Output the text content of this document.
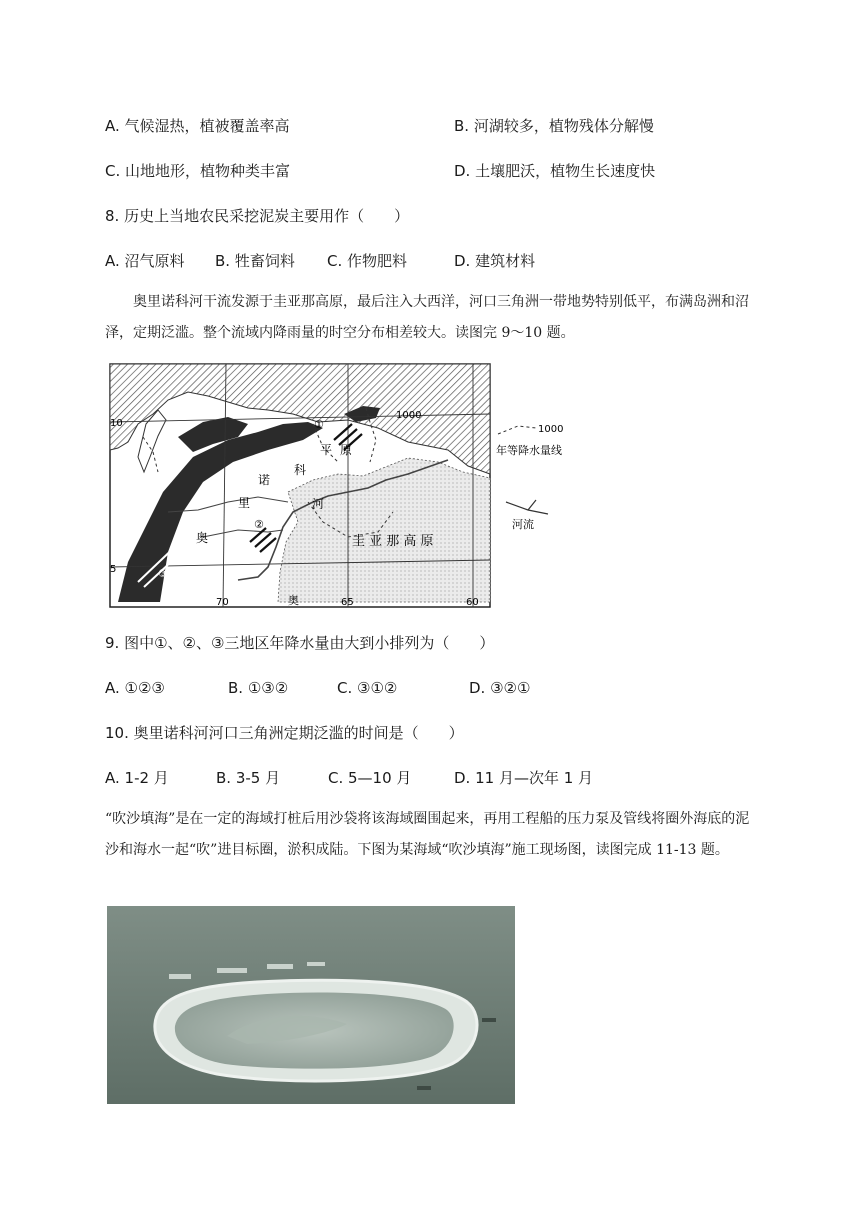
A. 气候湿热，植被覆盖率高	B. 河湖较多，植物残体分解慢
C. 山地地形，植物种类丰富	D. 土壤肥沃，植物生长速度快
8. 历史上当地农民采挖泥炭主要用作（　　）
A. 沼气原料 B. 牲畜饲料 C. 作物肥料	D. 建筑材料
奥里诺科河干流发源于圭亚那高原，最后注入大西洋，河口三角洲一带地势特别低平，布满岛洲和沼泽，定期泛滥。整个流域内降雨量的时空分布相差较大。读图完 9～10 题。
10
5
70	65	60
1000
①
②
③
奥
里
诺
科
河
平 原
奥
圭 亚 那 高 原
1000
年等降水量线
河流
9. 图中①、②、③三地区年降水量由大到小排列为（　　）
A. ①②③	B. ①③②	C. ③①②	D. ③②①
10. 奥里诺科河河口三角洲定期泛滥的时间是（　　）
A. 1-2 月	B. 3-5 月	C. 5—10 月	D. 11 月—次年 1 月
“吹沙填海”是在一定的海域打桩后用沙袋将该海域圈围起来，再用工程船的压力泵及管线将圈外海底的泥沙和海水一起“吹”进目标圈，淤积成陆。下图为某海域“吹沙填海”施工现场图，读图完成 11-13 题。
